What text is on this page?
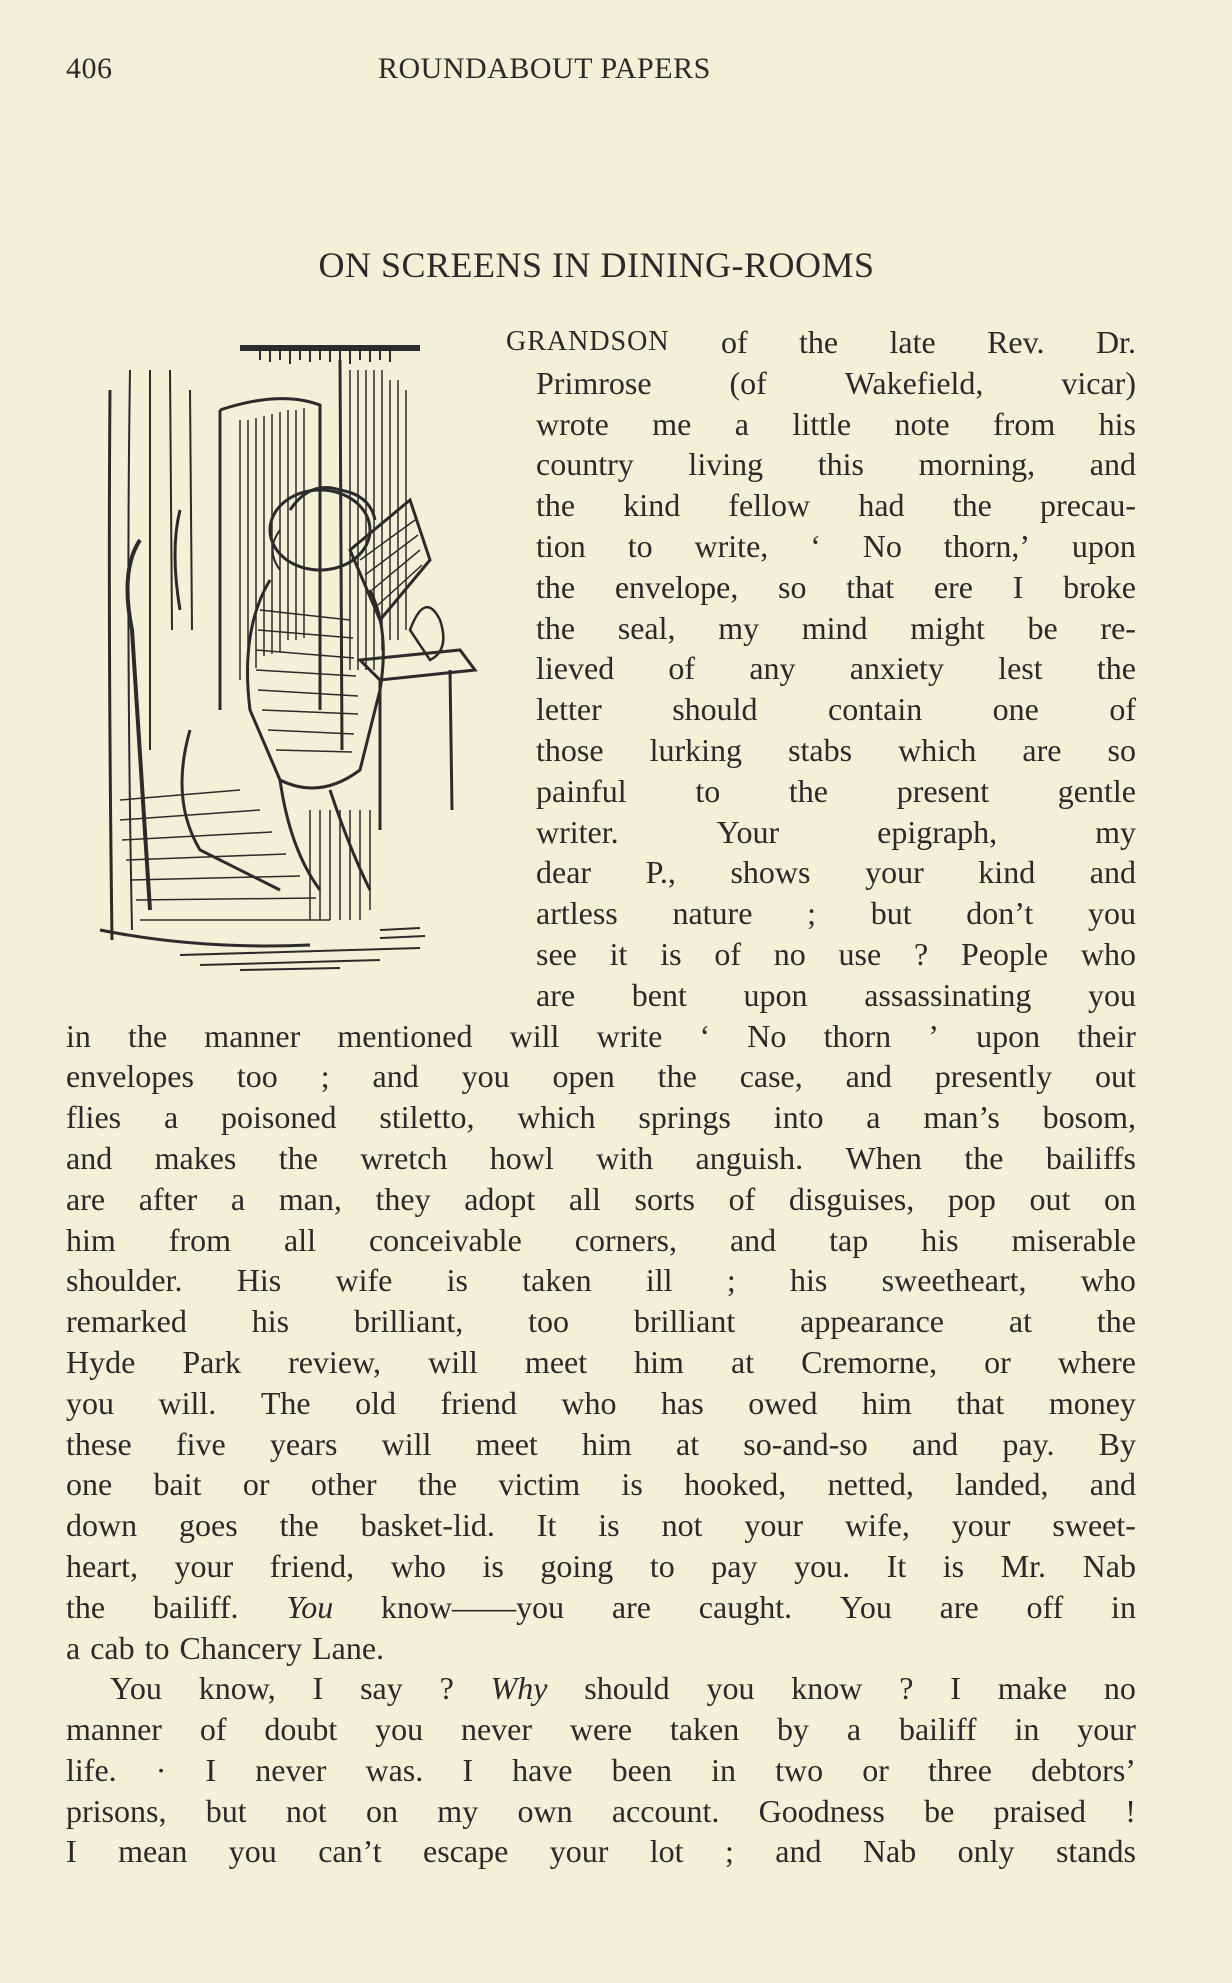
406	ROUNDABOUT PAPERS
ON SCREENS IN DINING-ROOMS
GRANDSON of the late Rev. Dr.
Primrose (of Wakefield, vicar)
wrote me a little note from his
country living this morning, and
the kind fellow had the precau-
tion to write, ‘ No thorn,’ upon
the envelope, so that ere I broke
the seal, my mind might be re-
lieved of any anxiety lest the
letter should contain one of
those lurking stabs which are so
painful to the present gentle
writer.	Your	epigraph,	my
dear P., shows your kind and
artless nature ; but don’t you
see it is of no use ? People who
are bent upon assassinating you
in the manner mentioned will write ‘ No thorn ’ upon their
envelopes too ; and you open the case, and presently out
flies a poisoned stiletto, which springs into a man’s bosom,
and makes the wretch howl with anguish. When the bailiffs
are after a man, they adopt all sorts of disguises, pop out on
him from all conceivable corners, and tap his miserable
shoulder. His wife is taken ill ; his sweetheart, who
remarked his brilliant, too brilliant appearance at the
Hyde Park review, will meet him at Cremorne, or where
you will. The old friend who has owed him that money
these five years will meet him at so-and-so and pay. By
one bait or other the victim is hooked, netted, landed, and
down goes the basket-lid. It is not your wife, your sweet-
heart, your friend, who is going to pay you. It is Mr. Nab
the bailiff. You know——you are caught. You are off in
a cab to Chancery Lane.
You know, I say ? Why should you know ? I make no
manner of doubt you never were taken by a bailiff in your
life. · I never was. I have been in two or three debtors’
prisons, but not on my own account. Goodness be praised !
I mean you can’t escape your lot ; and Nab only stands
